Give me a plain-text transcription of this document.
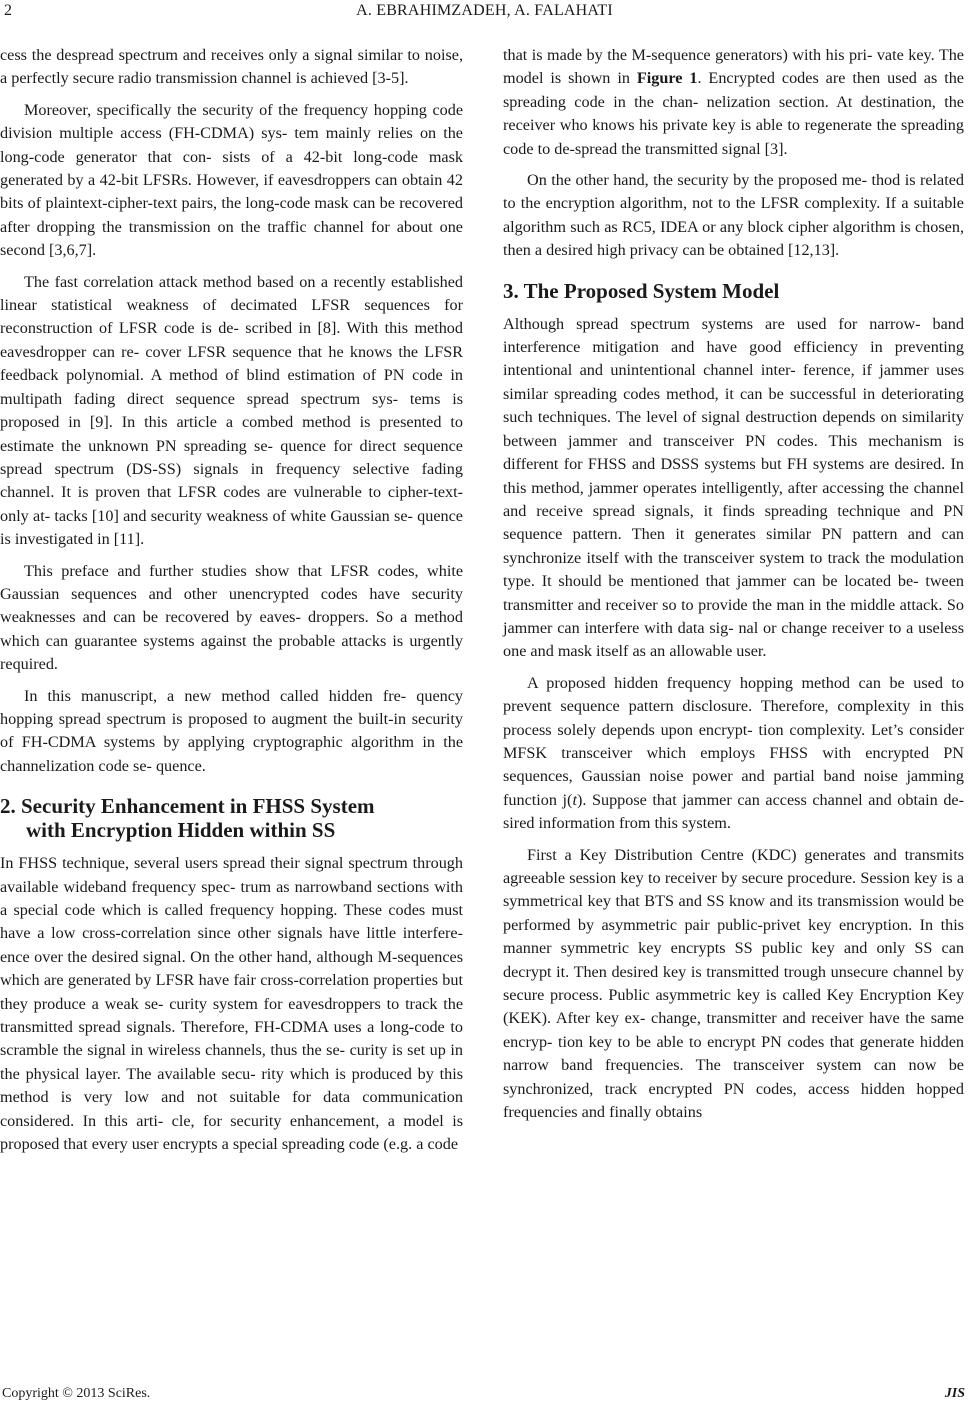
2	A. EBRAHIMZADEH, A. FALAHATI

cess the despread spectrum and receives only a signal similar to noise, a perfectly secure radio transmission channel is achieved [3-5].

Moreover, specifically the security of the frequency hopping code division multiple access (FH-CDMA) sys- tem mainly relies on the long-code generator that con- sists of a 42-bit long-code mask generated by a 42-bit LFSRs. However, if eavesdroppers can obtain 42 bits of plaintext-cipher-text pairs, the long-code mask can be recovered after dropping the transmission on the traffic channel for about one second [3,6,7].

The fast correlation attack method based on a recently established linear statistical weakness of decimated LFSR sequences for reconstruction of LFSR code is de- scribed in [8]. With this method eavesdropper can re- cover LFSR sequence that he knows the LFSR feedback polynomial. A method of blind estimation of PN code in multipath fading direct sequence spread spectrum sys- tems is proposed in [9]. In this article a combed method is presented to estimate the unknown PN spreading se- quence for direct sequence spread spectrum (DS-SS) signals in frequency selective fading channel. It is proven that LFSR codes are vulnerable to cipher-text-only at- tacks [10] and security weakness of white Gaussian se- quence is investigated in [11].

This preface and further studies show that LFSR codes, white Gaussian sequences and other unencrypted codes have security weaknesses and can be recovered by eaves- droppers. So a method which can guarantee systems against the probable attacks is urgently required.

In this manuscript, a new method called hidden fre- quency hopping spread spectrum is proposed to augment the built-in security of FH-CDMA systems by applying cryptographic algorithm in the channelization code se- quence.

2. Security Enhancement in FHSS System
with Encryption Hidden within SS

In FHSS technique, several users spread their signal spectrum through available wideband frequency spec- trum as narrowband sections with a special code which is called frequency hopping. These codes must have a low cross-correlation since other signals have little interfere- ence over the desired signal. On the other hand, although M-sequences which are generated by LFSR have fair cross-correlation properties but they produce a weak se- curity system for eavesdroppers to track the transmitted spread signals. Therefore, FH-CDMA uses a long-code to scramble the signal in wireless channels, thus the se- curity is set up in the physical layer. The available secu- rity which is produced by this method is very low and not suitable for data communication considered. In this arti- cle, for security enhancement, a model is proposed that every user encrypts a special spreading code (e.g. a code

that is made by the M-sequence generators) with his pri- vate key. The model is shown in Figure 1. Encrypted codes are then used as the spreading code in the chan- nelization section. At destination, the receiver who knows his private key is able to regenerate the spreading code to de-spread the transmitted signal [3].

On the other hand, the security by the proposed me- thod is related to the encryption algorithm, not to the LFSR complexity. If a suitable algorithm such as RC5, IDEA or any block cipher algorithm is chosen, then a desired high privacy can be obtained [12,13].

3. The Proposed System Model

Although spread spectrum systems are used for narrow- band interference mitigation and have good efficiency in preventing intentional and unintentional channel inter- ference, if jammer uses similar spreading codes method, it can be successful in deteriorating such techniques. The level of signal destruction depends on similarity between jammer and transceiver PN codes. This mechanism is different for FHSS and DSSS systems but FH systems are desired. In this method, jammer operates intelligently, after accessing the channel and receive spread signals, it finds spreading technique and PN sequence pattern. Then it generates similar PN pattern and can synchronize itself with the transceiver system to track the modulation type. It should be mentioned that jammer can be located be- tween transmitter and receiver so to provide the man in the middle attack. So jammer can interfere with data sig- nal or change receiver to a useless one and mask itself as an allowable user.

A proposed hidden frequency hopping method can be used to prevent sequence pattern disclosure. Therefore, complexity in this process solely depends upon encrypt- tion complexity. Let’s consider MFSK transceiver which employs FHSS with encrypted PN sequences, Gaussian noise power and partial band noise jamming function j(t). Suppose that jammer can access channel and obtain de- sired information from this system.

First a Key Distribution Centre (KDC) generates and transmits agreeable session key to receiver by secure procedure. Session key is a symmetrical key that BTS and SS know and its transmission would be performed by asymmetric pair public-privet key encryption. In this manner symmetric key encrypts SS public key and only SS can decrypt it. Then desired key is transmitted trough unsecure channel by secure process. Public asymmetric key is called Key Encryption Key (KEK). After key ex- change, transmitter and receiver have the same encryp- tion key to be able to encrypt PN codes that generate hidden narrow band frequencies. The transceiver system can now be synchronized, track encrypted PN codes, access hidden hopped frequencies and finally obtains

Copyright © 2013 SciRes.	JIS
